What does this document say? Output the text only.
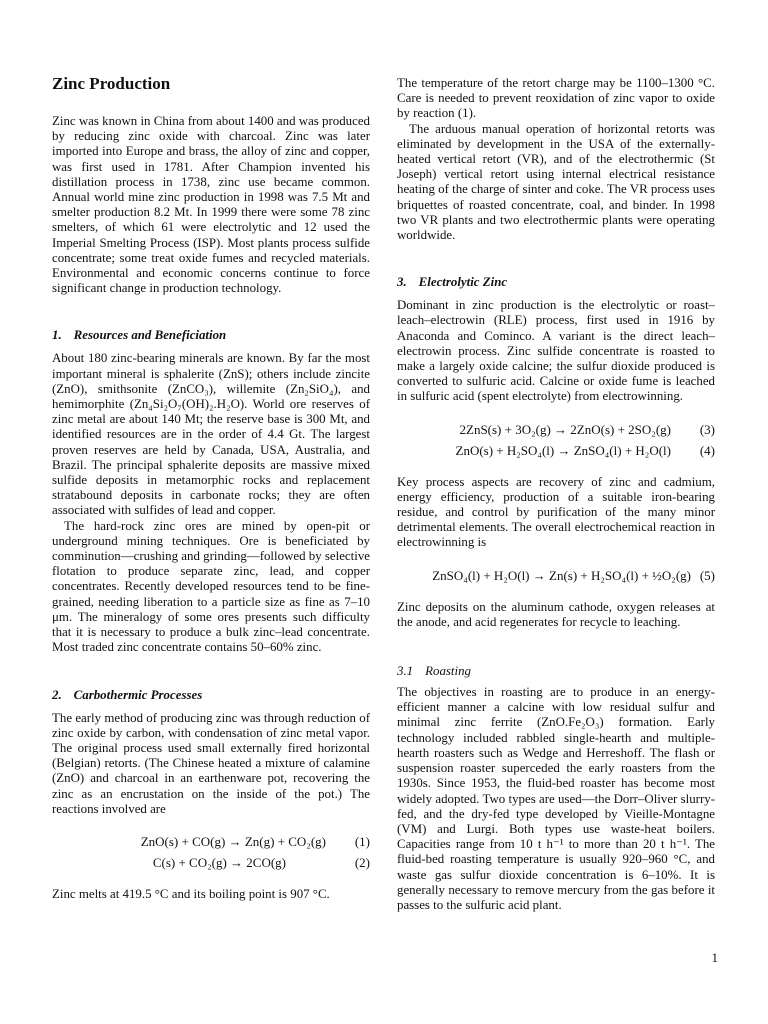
Zinc Production

Zinc was known in China from about 1400 and was produced by reducing zinc oxide with charcoal. Zinc was later imported into Europe and brass, the alloy of zinc and copper, was first used in 1781. After Champion invented his distillation process in 1738, zinc use became common. Annual world mine zinc production in 1998 was 7.5 Mt and smelter production 8.2 Mt. In 1999 there were some 78 zinc smelters, of which 61 were electrolytic and 12 used the Imperial Smelting Process (ISP). Most plants process sulfide concentrate; some treat oxide fumes and recycled materials. Environmental and economic concerns continue to force significant change in production technology.

1. Resources and Beneficiation

About 180 zinc-bearing minerals are known. By far the most important mineral is sphalerite (ZnS); others include zincite (ZnO), smithsonite (ZnCO₃), willemite (Zn₂SiO₄), and hemimorphite (Zn₄Si₂O₇(OH)₂.H₂O). World ore reserves of zinc metal are about 140 Mt; the reserve base is 300 Mt, and identified resources are in the order of 4.4 Gt. The largest proven reserves are held by Canada, USA, Australia, and Brazil. The principal sphalerite deposits are massive mixed sulfide deposits in metamorphic rocks and replacement stratabound deposits in carbonate rocks; they are often associated with sulfides of lead and copper.

The hard-rock zinc ores are mined by open-pit or underground mining techniques. Ore is beneficiated by comminution—crushing and grinding—followed by selective flotation to produce separate zinc, lead, and copper concentrates. Recently developed resources tend to be fine-grained, needing liberation to a particle size as fine as 7–10 μm. The mineralogy of some ores presents such difficulty that it is necessary to produce a bulk zinc–lead concentrate. Most traded zinc concentrate contains 50–60% zinc.

2. Carbothermic Processes

The early method of producing zinc was through reduction of zinc oxide by carbon, with condensation of zinc metal vapor. The original process used small externally fired horizontal (Belgian) retorts. (The Chinese heated a mixture of calamine (ZnO) and charcoal in an earthenware pot, recovering the zinc as an encrustation on the inside of the pot.) The reactions involved are

ZnO(s) + CO(g) → Zn(g) + CO₂(g) (1)
C(s) + CO₂(g) → 2CO(g)	(2)

Zinc melts at 419.5 °C and its boiling point is 907 °C.

The temperature of the retort charge may be 1100–1300 °C. Care is needed to prevent reoxidation of zinc vapor to oxide by reaction (1).

The arduous manual operation of horizontal retorts was eliminated by development in the USA of the externally-heated vertical retort (VR), and of the electrothermic (St Joseph) vertical retort using internal electrical resistance heating of the charge of sinter and coke. The VR process uses briquettes of roasted concentrate, coal, and binder. In 1998 two VR plants and two electrothermic plants were operating worldwide.

3. Electrolytic Zinc

Dominant in zinc production is the electrolytic or roast–leach–electrowin (RLE) process, first used in 1916 by Anaconda and Cominco. A variant is the direct leach–electrowin process. Zinc sulfide concentrate is roasted to make a largely oxide calcine; the sulfur dioxide produced is converted to sulfuric acid. Calcine or oxide fume is leached in sulfuric acid (spent electrolyte) from electrowinning.

2ZnS(s) + 3O₂(g) → 2ZnO(s) + 2SO₂(g) (3)
ZnO(s) + H₂SO₄(l) → ZnSO₄(l) + H₂O(l) (4)

Key process aspects are recovery of zinc and cadmium, energy efficiency, production of a suitable iron-bearing residue, and control by purification of the many minor detrimental elements. The overall electrochemical reaction in electrowinning is

ZnSO₄(l) + H₂O(l) → Zn(s) + H₂SO₄(l) + ½O₂(g) (5)

Zinc deposits on the aluminum cathode, oxygen releases at the anode, and acid regenerates for recycle to leaching.

3.1 Roasting

The objectives in roasting are to produce in an energy-efficient manner a calcine with low residual sulfur and minimal zinc ferrite (ZnO.Fe₂O₃) formation. Early technology included rabbled single-hearth and multiple-hearth roasters such as Wedge and Herreshoff. The flash or suspension roaster superceded the early roasters from the 1930s. Since 1953, the fluid-bed roaster has become most widely adopted. Two types are used—the Dorr–Oliver slurry-fed, and the dry-fed type developed by Vieille-Montagne (VM) and Lurgi. Both types use waste-heat boilers. Capacities range from 10 t h⁻¹ to more than 20 t h⁻¹. The fluid-bed roasting temperature is usually 920–960 °C, and waste gas sulfur dioxide concentration is 6–10%. It is generally necessary to remove mercury from the gas before it passes to the sulfuric acid plant.

1
